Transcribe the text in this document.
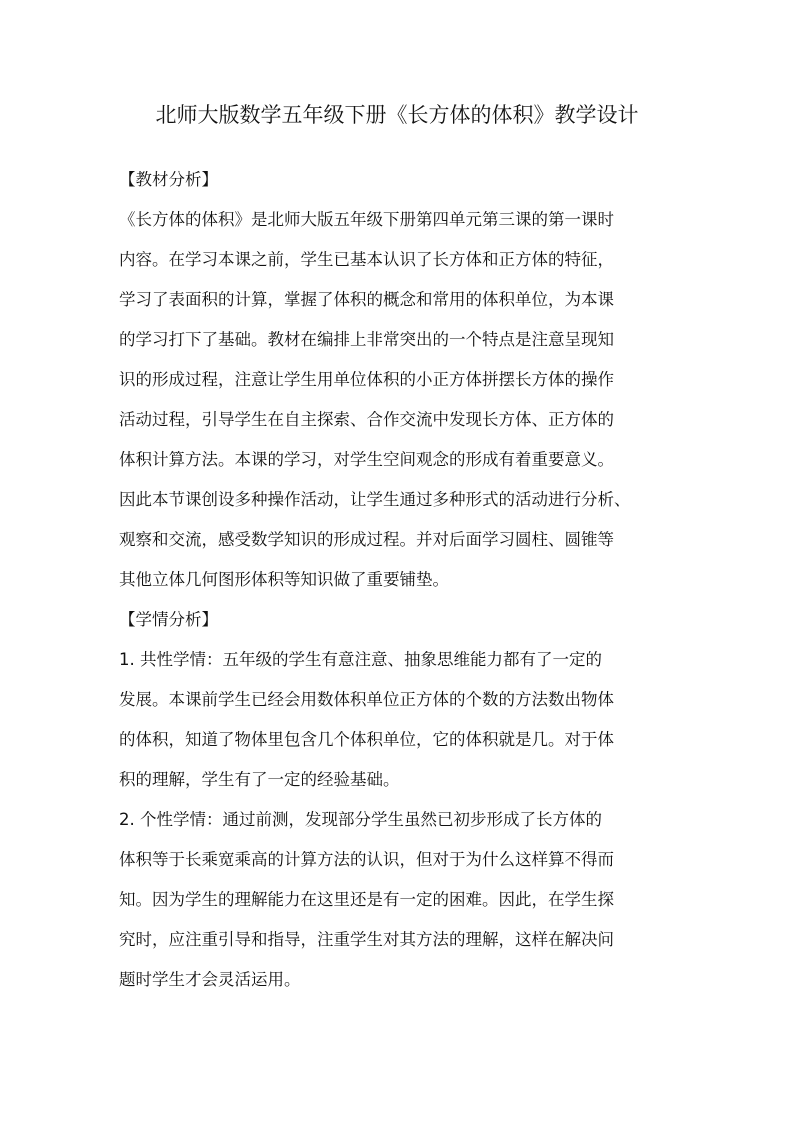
北师大版数学五年级下册《长方体的体积》教学设计
【教材分析】
《长方体的体积》是北师大版五年级下册第四单元第三课的第一课时
内容。在学习本课之前，学生已基本认识了长方体和正方体的特征，
学习了表面积的计算，掌握了体积的概念和常用的体积单位，为本课
的学习打下了基础。教材在编排上非常突出的一个特点是注意呈现知
识的形成过程，注意让学生用单位体积的小正方体拼摆长方体的操作
活动过程，引导学生在自主探索、合作交流中发现长方体、正方体的
体积计算方法。本课的学习，对学生空间观念的形成有着重要意义。
因此本节课创设多种操作活动，让学生通过多种形式的活动进行分析、
观察和交流，感受数学知识的形成过程。并对后面学习圆柱、圆锥等
其他立体几何图形体积等知识做了重要铺垫。
【学情分析】
1. 共性学情：五年级的学生有意注意、抽象思维能力都有了一定的
发展。本课前学生已经会用数体积单位正方体的个数的方法数出物体
的体积，知道了物体里包含几个体积单位，它的体积就是几。对于体
积的理解，学生有了一定的经验基础。
2. 个性学情：通过前测，发现部分学生虽然已初步形成了长方体的
体积等于长乘宽乘高的计算方法的认识，但对于为什么这样算不得而
知。因为学生的理解能力在这里还是有一定的困难。因此，在学生探
究时，应注重引导和指导，注重学生对其方法的理解，这样在解决问
题时学生才会灵活运用。
